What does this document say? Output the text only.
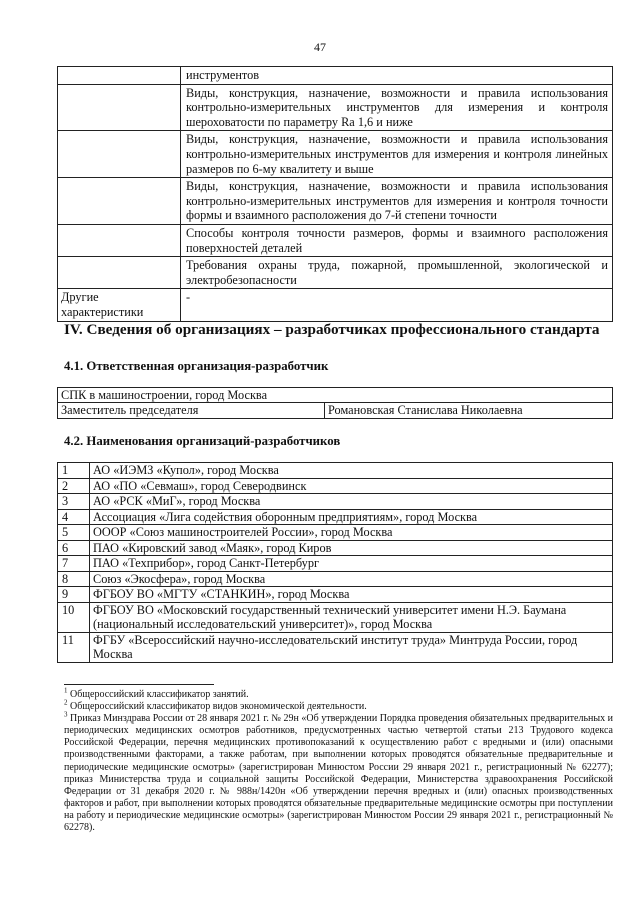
47
	инструментов
	Виды, конструкция, назначение, возможности и правила использования контрольно-измерительных инструментов для измерения и контроля шероховатости по параметру Ra 1,6 и ниже
	Виды, конструкция, назначение, возможности и правила использования контрольно-измерительных инструментов для измерения и контроля линейных размеров по 6-му квалитету и выше
	Виды, конструкция, назначение, возможности и правила использования контрольно-измерительных инструментов для измерения и контроля точности формы и взаимного расположения до 7-й степени точности
	Способы контроля точности размеров, формы и взаимного расположения поверхностей деталей
	Требования охраны труда, пожарной, промышленной, экологической и электробезопасности
Другие характеристики	-
IV. Сведения об организациях – разработчиках профессионального стандарта
4.1. Ответственная организация-разработчик
СПК в машиностроении, город Москва
Заместитель председателя	Романовская Станислава Николаевна
4.2. Наименования организаций-разработчиков
1	АО «ИЭМЗ «Купол», город Москва
2	АО «ПО «Севмаш», город Северодвинск
3	АО «РСК «МиГ», город Москва
4	Ассоциация «Лига содействия оборонным предприятиям», город Москва
5	ОООР «Союз машиностроителей России», город Москва
6	ПАО «Кировский завод «Маяк», город Киров
7	ПАО «Техприбор», город Санкт-Петербург
8	Союз «Экосфера», город Москва
9	ФГБОУ ВО «МГТУ «СТАНКИН», город Москва
10	ФГБОУ ВО «Московский государственный технический университет имени Н.Э. Баумана (национальный исследовательский университет)», город Москва
11	ФГБУ «Всероссийский научно-исследовательский институт труда» Минтруда России, город Москва

$^1$ Общероссийский классификатор занятий.

$^2$ Общероссийский классификатор видов экономической деятельности.

$^3$ Приказ Минздрава России от 28 января 2021 г. № 29н «Об утверждении Порядка проведения обязательных предварительных и периодических медицинских осмотров работников, предусмотренных частью четвертой статьи 213 Трудового кодекса Российской Федерации, перечня медицинских противопоказаний к осуществлению работ с вредными и (или) опасными производственными факторами, а также работам, при выполнении которых проводятся обязательные предварительные и периодические медицинские осмотры» (зарегистрирован Минюстом России 29 января 2021 г., регистрационный № 62277); приказ Министерства труда и социальной защиты Российской Федерации, Министерства здравоохранения Российской Федерации от 31 декабря 2020 г. № 988н/1420н «Об утверждении перечня вредных и (или) опасных производственных факторов и работ, при выполнении которых проводятся обязательные предварительные медицинские осмотры при поступлении на работу и периодические медицинские осмотры» (зарегистрирован Минюстом России 29 января 2021 г., регистрационный № 62278).
